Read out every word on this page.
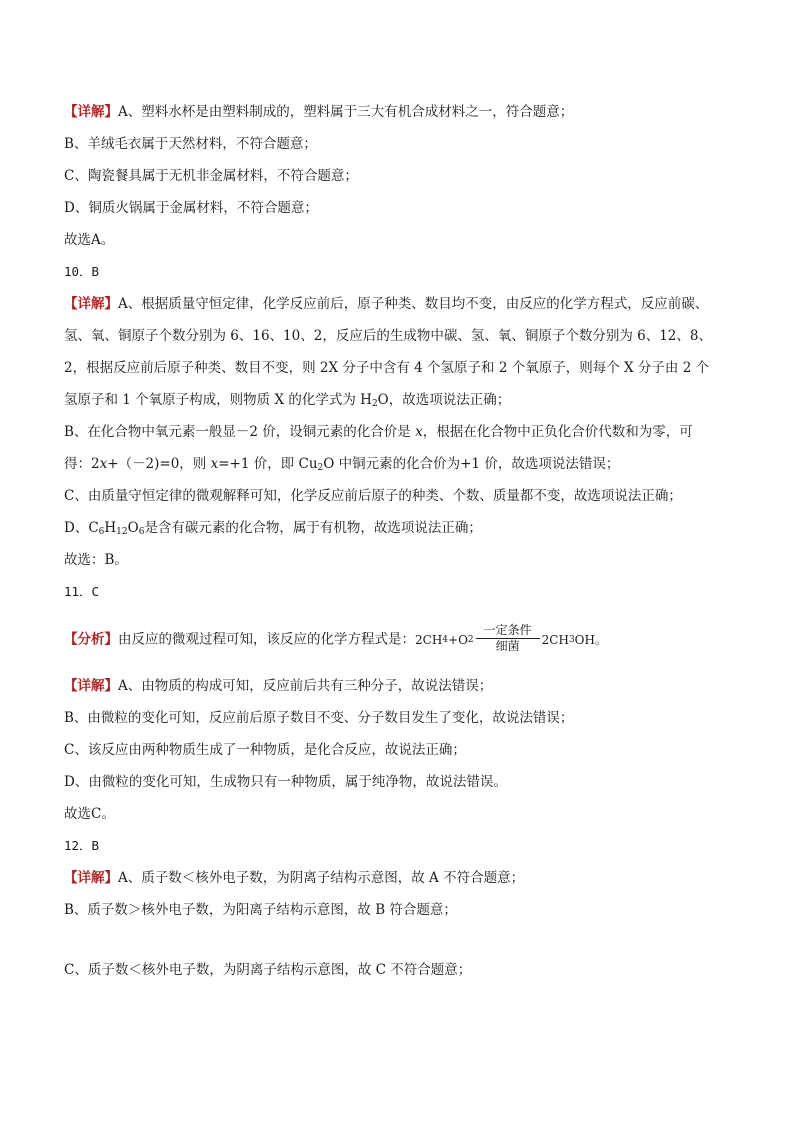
【详解】A、塑料水杯是由塑料制成的，塑料属于三大有机合成材料之一，符合题意；
B、羊绒毛衣属于天然材料，不符合题意；
C、陶瓷餐具属于无机非金属材料，不符合题意；
D、铜质火锅属于金属材料，不符合题意；
故选A。
10．B
【详解】A、根据质量守恒定律，化学反应前后，原子种类、数目均不变，由反应的化学方程式，反应前碳、
氢、氧、铜原子个数分别为 6、16、10、2，反应后的生成物中碳、氢、氧、铜原子个数分别为 6、12、8、
2，根据反应前后原子种类、数目不变，则 2X 分子中含有 4 个氢原子和 2 个氧原子，则每个 X 分子由 2 个
氢原子和 1 个氧原子构成，则物质 X 的化学式为 $H_2O$，故选项说法正确；
B、在化合物中氧元素一般显－2 价，设铜元素的化合价是 x，根据在化合物中正负化合价代数和为零，可
得：2x+（－2)=0，则 x=+1 价，即 $Cu_2O$ 中铜元素的化合价为+1 价，故选项说法错误；
C、由质量守恒定律的微观解释可知，化学反应前后原子的种类、个数、质量都不变，故选项说法正确；
D、$C_6H_{12}O_6$是含有碳元素的化合物，属于有机物，故选项说法正确；
故选：B。
11．C
【分析】由反应的微观过程可知，该反应的化学方程式是： 2CH 4 +O 2
一定条件
细菌 2CH 3 OH。
【详解】A、由物质的构成可知，反应前后共有三种分子，故说法错误；
B、由微粒的变化可知，反应前后原子数目不变、分子数目发生了变化，故说法错误；
C、该反应由两种物质生成了一种物质，是化合反应，故说法正确；
D、由微粒的变化可知，生成物只有一种物质，属于纯净物，故说法错误。
故选C。
12．B
【详解】A、质子数＜核外电子数，为阴离子结构示意图，故 A 不符合题意；
B、质子数＞核外电子数，为阳离子结构示意图，故 B 符合题意；
C、质子数＜核外电子数，为阴离子结构示意图，故 C 不符合题意；
